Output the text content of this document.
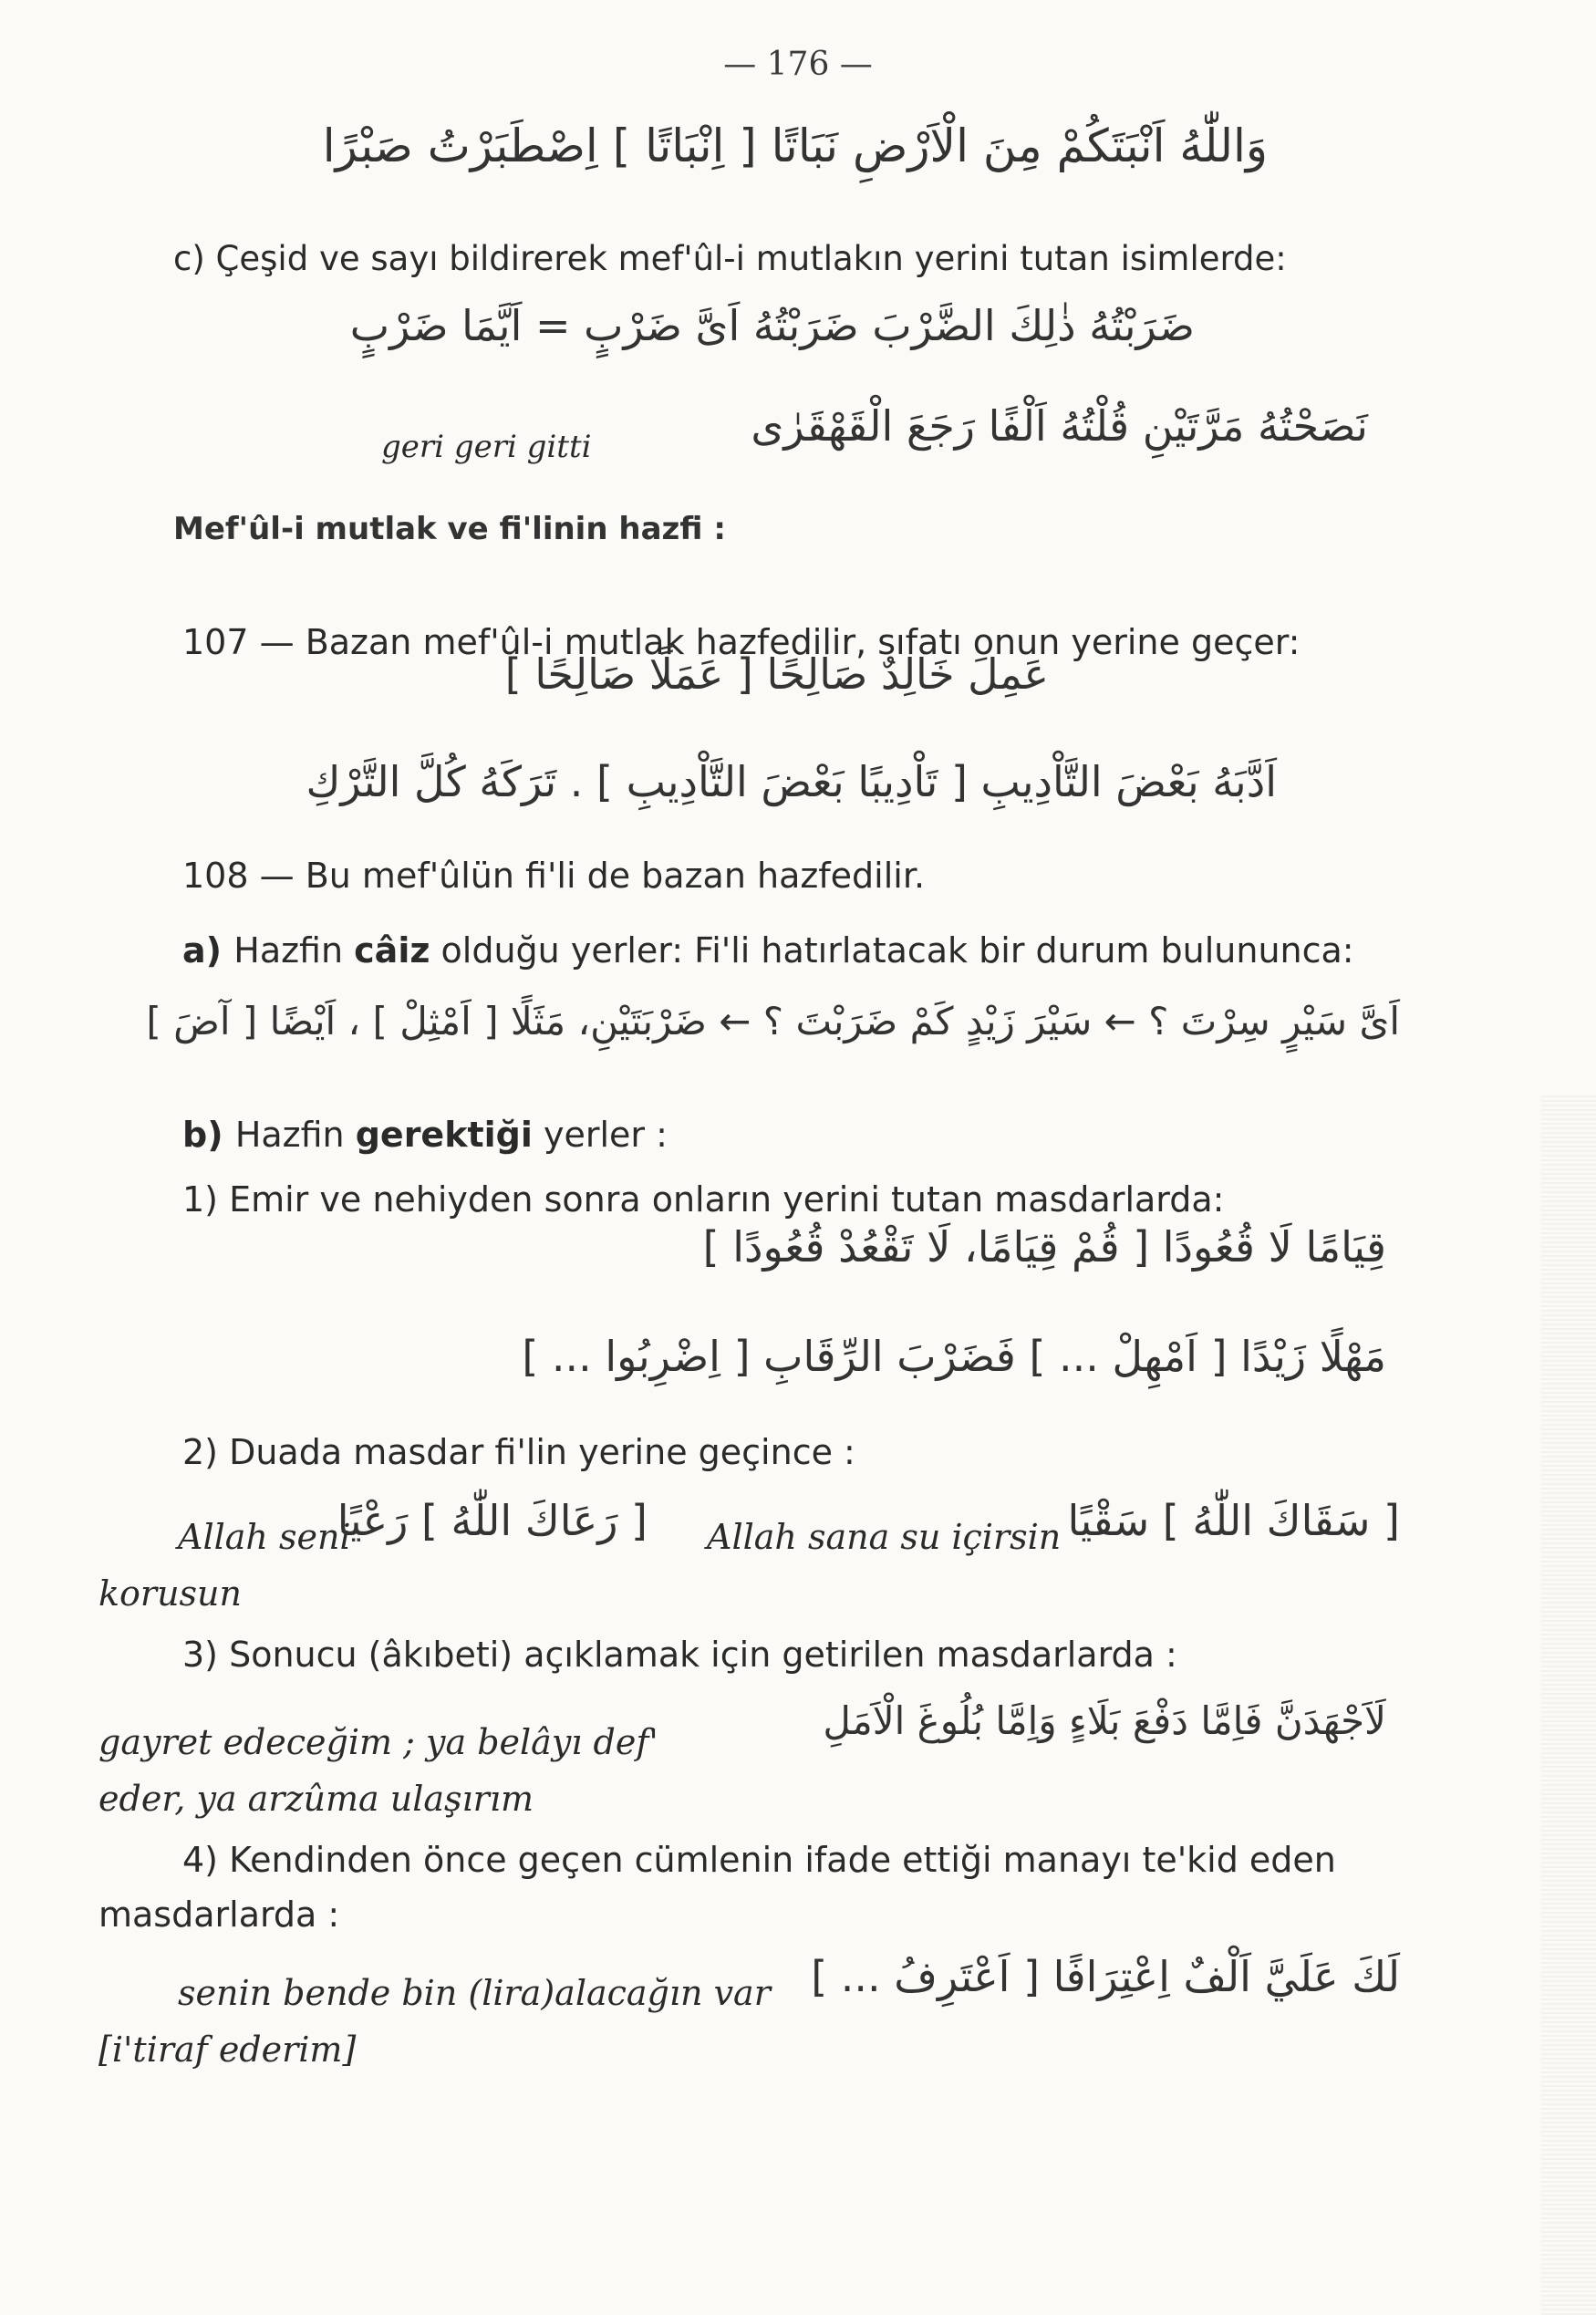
— 176 —
وَاللّٰهُ اَنْبَتَكُمْ مِنَ الْاَرْضِ نَبَاتًا [ اِنْبَاتًا ] اِصْطَبَرْتُ صَبْرًا
c) Çeşid ve sayı bildirerek mef'ûl-i mutlakın yerini tutan isimlerde:
ضَرَبْتُهُ ذٰلِكَ الضَّرْبَ ضَرَبْتُهُ اَىَّ ضَرْبٍ = اَيَّمَا ضَرْبٍ
نَصَحْتُهُ مَرَّتَيْنِ قُلْتُهُ اَلْفًا رَجَعَ الْقَهْقَرٰى
geri geri gitti
Mef'ûl-i mutlak ve fi'linin hazfi :
107 — Bazan mef'ûl-i mutlak hazfedilir, sıfatı onun yerine geçer:
عَمِلَ خَالِدٌ صَالِحًا [ عَمَلًا صَالِحًا ]
اَدَّبَهُ بَعْضَ التَّاْدِيبِ [ تَاْدِيبًا بَعْضَ التَّاْدِيبِ ] . تَرَكَهُ كُلَّ التَّرْكِ
108 — Bu mef'ûlün fi'li de bazan hazfedilir.
a) Hazfin câiz olduğu yerler: Fi'li hatırlatacak bir durum bulununca:
اَىَّ سَيْرٍ سِرْتَ ؟ ← سَيْرَ زَيْدٍ كَمْ ضَرَبْتَ ؟ ← ضَرْبَتَيْنِ، مَثَلًا [ اَمْثِلْ ] ، اَيْضًا [ آضَ ]
b) Hazfin gerektiği yerler :
1) Emir ve nehiyden sonra onların yerini tutan masdarlarda:
قِيَامًا لَا قُعُودًا [ قُمْ قِيَامًا، لَا تَقْعُدْ قُعُودًا ]
مَهْلًا زَيْدًا [ اَمْهِلْ ... ] فَضَرْبَ الرِّقَابِ [ اِضْرِبُوا ... ]
2) Duada masdar fi'lin yerine geçince :
Allah seni
[ رَعَاكَ اللّٰهُ ] رَعْيًا Allah sana su içirsin [ سَقَاكَ اللّٰهُ ] سَقْيًا
korusun
3) Sonucu (âkıbeti) açıklamak için getirilen masdarlarda :
gayret edeceğim ; ya belâyı def'	لَاَجْهَدَنَّ فَاِمَّا دَفْعَ بَلَاءٍ وَاِمَّا بُلُوغَ الْاَمَلِ
eder, ya arzûma ulaşırım
4) Kendinden önce geçen cümlenin ifade ettiği manayı te'kid eden
masdarlarda :
senin bende bin (lira)alacağın var لَكَ عَلَيَّ اَلْفٌ اِعْتِرَافًا [ اَعْتَرِفُ ... ]
[i'tiraf ederim]
